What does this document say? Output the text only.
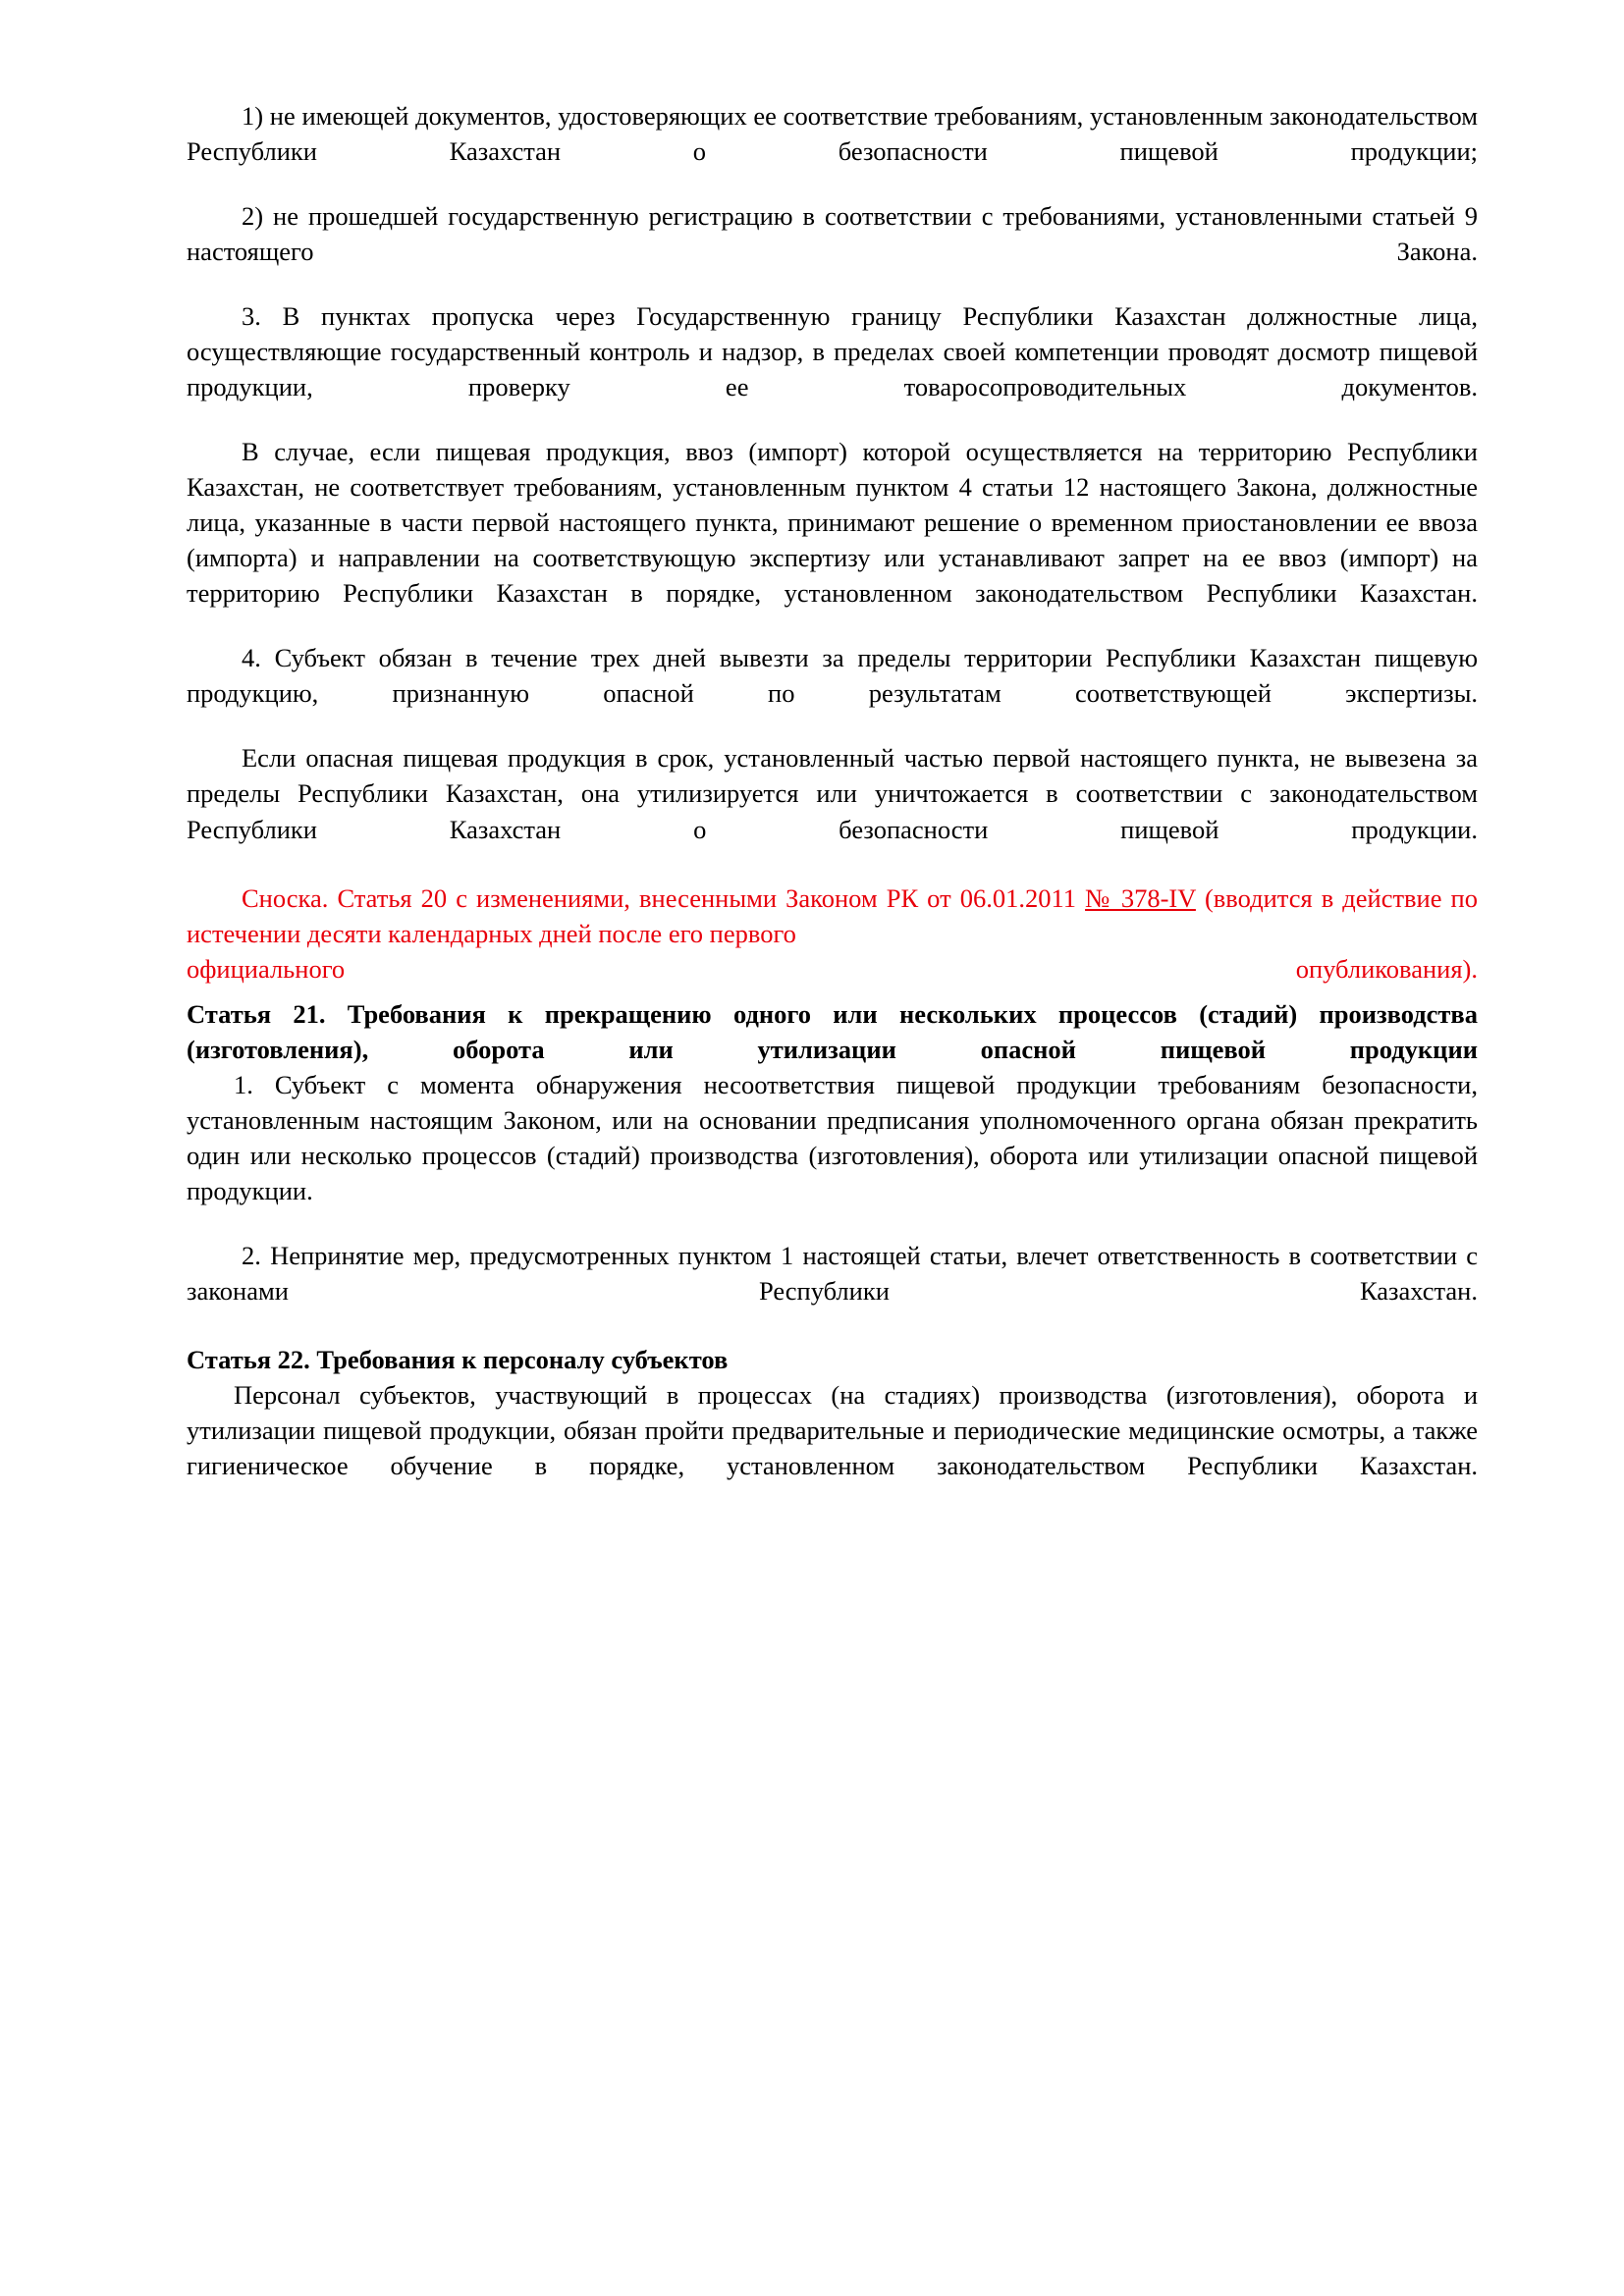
1) не имеющей документов, удостоверяющих ее соответствие требованиям, установленным законодательством Республики Казахстан о безопасности пищевой продукции;

2) не прошедшей государственную регистрацию в соответствии с требованиями, установленными статьей 9 настоящего Закона.

3. В пунктах пропуска через Государственную границу Республики Казахстан должностные лица, осуществляющие государственный контроль и надзор, в пределах своей компетенции проводят досмотр пищевой продукции, проверку ее товаросопроводительных документов.

В случае, если пищевая продукция, ввоз (импорт) которой осуществляется на территорию Республики Казахстан, не соответствует требованиям, установленным пунктом 4 статьи 12 настоящего Закона, должностные лица, указанные в части первой настоящего пункта, принимают решение о временном приостановлении ее ввоза (импорта) и направлении на соответствующую экспертизу или устанавливают запрет на ее ввоз (импорт) на территорию Республики Казахстан в порядке, установленном законодательством Республики Казахстан.

4. Субъект обязан в течение трех дней вывезти за пределы территории Республики Казахстан пищевую продукцию, признанную опасной по результатам соответствующей экспертизы.

Если опасная пищевая продукция в срок, установленный частью первой настоящего пункта, не вывезена за пределы Республики Казахстан, она утилизируется или уничтожается в соответствии с законодательством Республики Казахстан о безопасности пищевой продукции.

Сноска. Статья 20 с изменениями, внесенными Законом РК от 06.01.2011 № 378-IV (вводится в действие по истечении десяти календарных дней после его первого
официального	опубликования).

Статья 21. Требования к прекращению одного или нескольких процессов (стадий) производства (изготовления), оборота или утилизации опасной пищевой продукции

1. Субъект с момента обнаружения несоответствия пищевой продукции требованиям безопасности, установленным настоящим Законом, или на основании предписания уполномоченного органа обязан прекратить один или несколько процессов (стадий) производства (изготовления), оборота или утилизации опасной пищевой продукции.

2. Непринятие мер, предусмотренных пунктом 1 настоящей статьи, влечет ответственность в соответствии с законами Республики Казахстан.

Статья 22. Требования к персоналу субъектов

Персонал субъектов, участвующий в процессах (на стадиях) производства (изготовления), оборота и утилизации пищевой продукции, обязан пройти предварительные и периодические медицинские осмотры, а также гигиеническое обучение в порядке, установленном законодательством Республики Казахстан.
